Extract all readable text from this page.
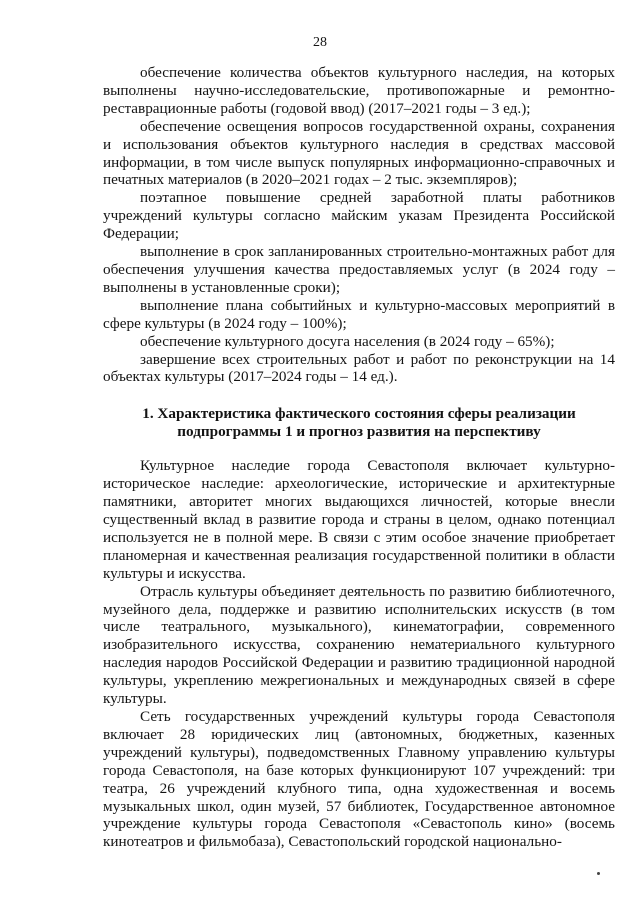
28

обеспечение количества объектов культурного наследия, на которых выполнены научно-исследовательские, противопожарные и ремонтно-реставрационные работы (годовой ввод) (2017–2021 годы – 3 ед.);

обеспечение освещения вопросов государственной охраны, сохранения и использования объектов культурного наследия в средствах массовой информации, в том числе выпуск популярных информационно-справочных и печатных материалов (в 2020–2021 годах – 2 тыс. экземпляров);

поэтапное повышение средней заработной платы работников учреждений культуры согласно майским указам Президента Российской Федерации;

выполнение в срок запланированных строительно-монтажных работ для обеспечения улучшения качества предоставляемых услуг (в 2024 году – выполнены в установленные сроки);

выполнение плана событийных и культурно-массовых мероприятий в сфере культуры (в 2024 году – 100%);

обеспечение культурного досуга населения (в 2024 году – 65%);

завершение всех строительных работ и работ по реконструкции на 14 объектах культуры (2017–2024 годы – 14 ед.).

1. Характеристика фактического состояния сферы реализации
подпрограммы 1 и прогноз развития на перспективу

Культурное наследие города Севастополя включает культурно-историческое наследие: археологические, исторические и архитектурные памятники, авторитет многих выдающихся личностей, которые внесли существенный вклад в развитие города и страны в целом, однако потенциал используется не в полной мере. В связи с этим особое значение приобретает планомерная и качественная реализация государственной политики в области культуры и искусства.

Отрасль культуры объединяет деятельность по развитию библиотечного, музейного дела, поддержке и развитию исполнительских искусств (в том числе театрального, музыкального), кинематографии, современного изобразительного искусства, сохранению нематериального культурного наследия народов Российской Федерации и развитию традиционной народной культуры, укреплению межрегиональных и международных связей в сфере культуры.

Сеть государственных учреждений культуры города Севастополя включает 28 юридических лиц (автономных, бюджетных, казенных учреждений культуры), подведомственных Главному управлению культуры города Севастополя, на базе которых функционируют 107 учреждений: три театра, 26 учреждений клубного типа, одна художественная и восемь музыкальных школ, один музей, 57 библиотек, Государственное автономное учреждение культуры города Севастополя «Севастополь кино» (восемь кинотеатров и фильмобаза), Севастопольский городской национально-
